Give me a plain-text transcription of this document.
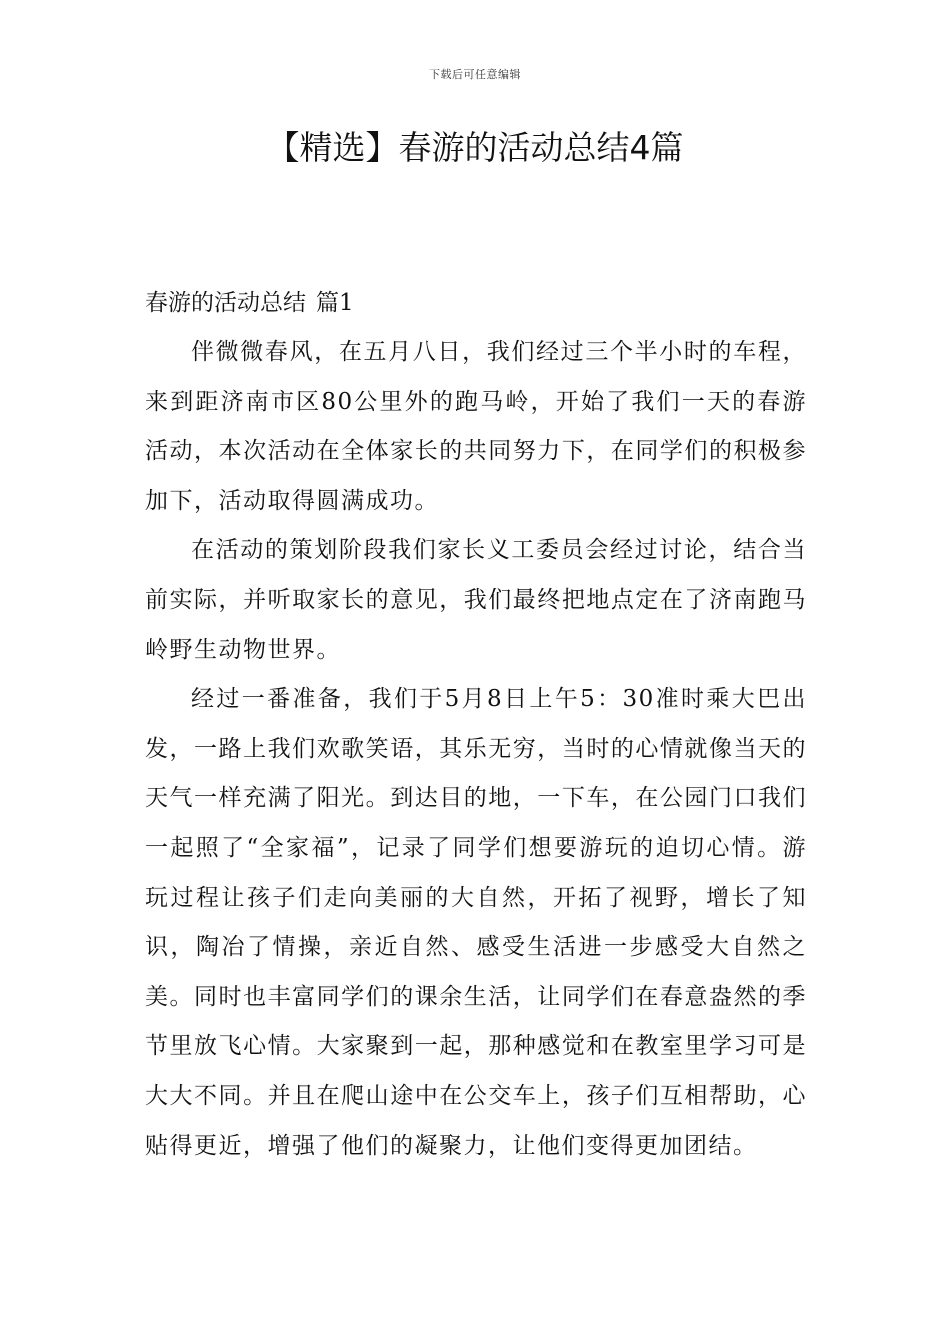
下载后可任意编辑
【精选】春游的活动总结4篇
春游的活动总结 篇1

伴微微春风，在五月八日，我们经过三个半小时的车程，来到距济南市区80公里外的跑马岭，开始了我们一天的春游活动，本次活动在全体家长的共同努力下，在同学们的积极参加下，活动取得圆满成功。

在活动的策划阶段我们家长义工委员会经过讨论，结合当前实际，并听取家长的意见，我们最终把地点定在了济南跑马岭野生动物世界。

经过一番准备，我们于5月8日上午5：30准时乘大巴出发，一路上我们欢歌笑语，其乐无穷，当时的心情就像当天的天气一样充满了阳光。到达目的地，一下车，在公园门口我们一起照了“全家福”，记录了同学们想要游玩的迫切心情。游玩过程让孩子们走向美丽的大自然，开拓了视野，增长了知识，陶冶了情操，亲近自然、感受生活进一步感受大自然之美。同时也丰富同学们的课余生活，让同学们在春意盎然的季节里放飞心情。大家聚到一起，那种感觉和在教室里学习可是大大不同。并且在爬山途中在公交车上，孩子们互相帮助，心贴得更近，增强了他们的凝聚力，让他们变得更加团结。
